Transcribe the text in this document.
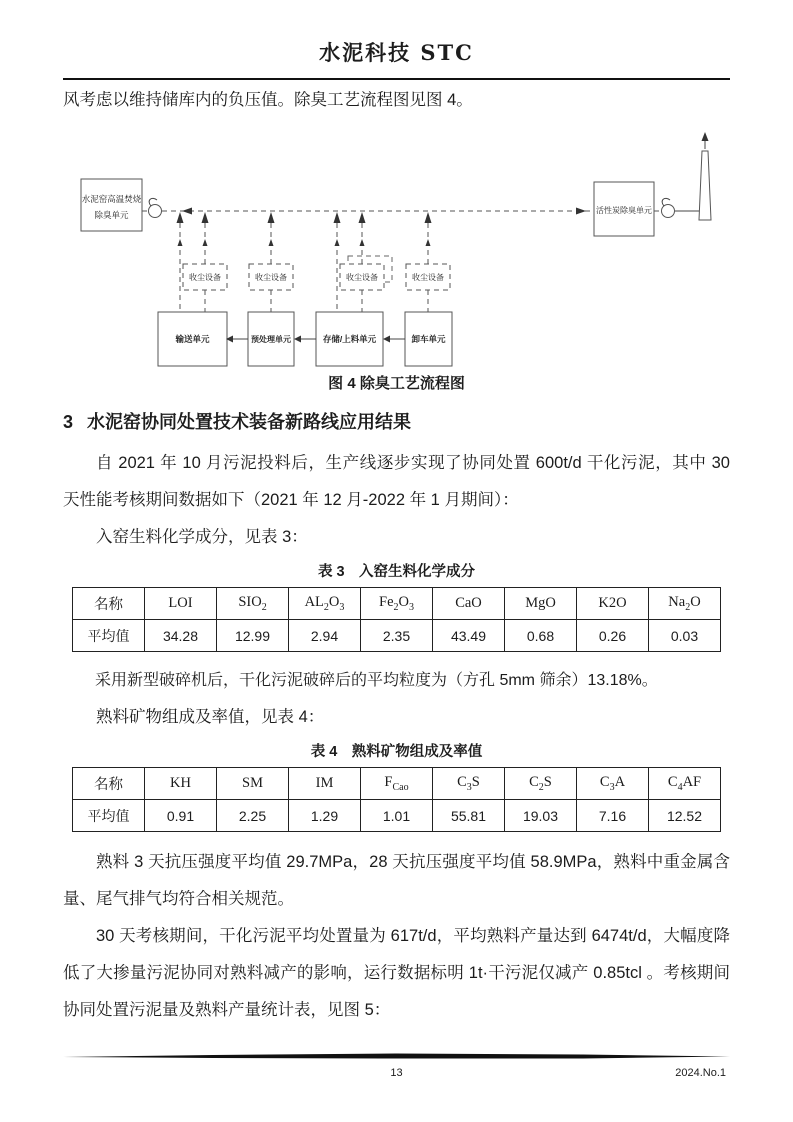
水泥科技 STC

风考虑以维持储库内的负压值。除臭工艺流程图见图 4。

水泥窑高温焚烧
除臭单元
收尘设备	收尘设备	收尘设备	收尘设备
输送单元	预处理单元	存储/上料单元	卸车单元
活性炭除臭单元
图 4 除臭工艺流程图
3 水泥窑协同处置技术装备新路线应用结果

自 2021 年 10 月污泥投料后，生产线逐步实现了协同处置 600t/d 干化污泥，其中 30 天性能考核期间数据如下（2021 年 12 月-2022 年 1 月期间）：

入窑生料化学成分，见表 3：

表 3　入窑生料化学成分
名称	LOI	$SIO_2$	$AL_2O_3$	$Fe_2O_3$	CaO	MgO	K2O	$Na_2O$
平均值	34.28	12.99	2.94	2.35	43.49	0.68	0.26	0.03

采用新型破碎机后，干化污泥破碎后的平均粒度为（方孔 5mm 筛余）13.18%。

熟料矿物组成及率值，见表 4：

表 4　熟料矿物组成及率值
名称	KH	SM	IM	$F_{Cao}$	$C_3S$	$C_2S$	$C_3A$	$C_4AF$
平均值	0.91	2.25	1.29	1.01	55.81	19.03	7.16	12.52

熟料 3 天抗压强度平均值 29.7MPa，28 天抗压强度平均值 58.9MPa，熟料中重金属含量、尾气排气均符合相关规范。

30 天考核期间，干化污泥平均处置量为 617t/d，平均熟料产量达到 6474t/d，大幅度降低了大掺量污泥协同对熟料减产的影响，运行数据标明 1t·干污泥仅减产 0.85tcl 。考核期间协同处置污泥量及熟料产量统计表，见图 5：

13	2024.No.1
